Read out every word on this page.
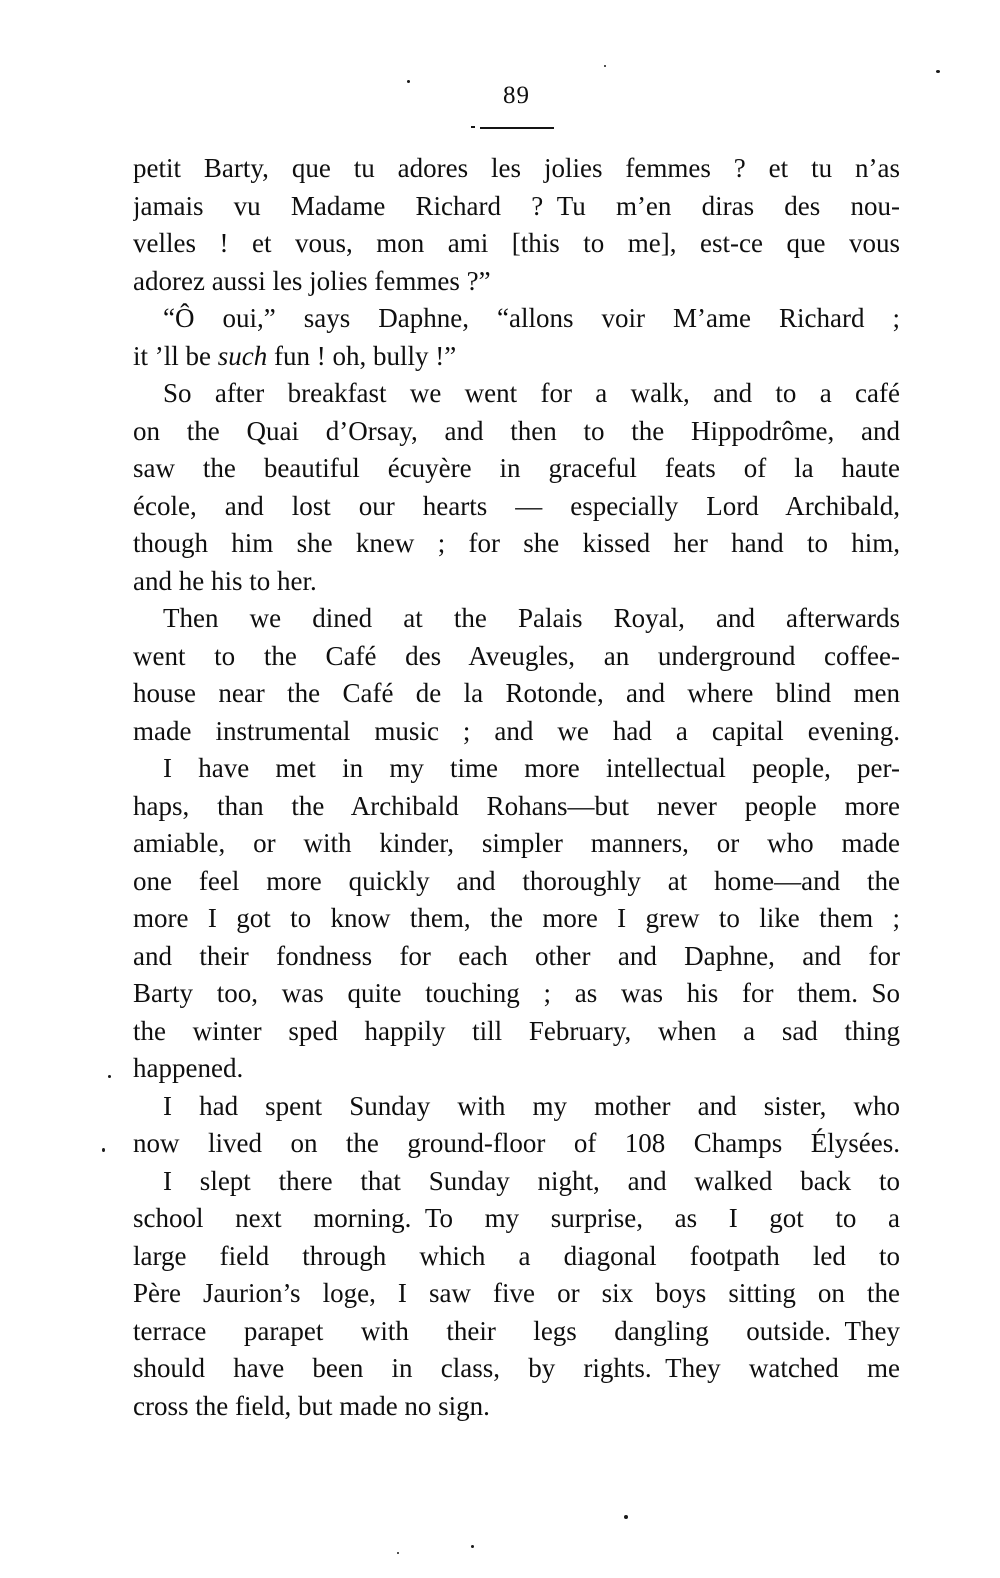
89
petit Barty, que tu adores les jolies femmes ? et tu n’as
jamais vu Madame Richard ? Tu m’en diras des nou-
velles ! et vous, mon ami [this to me], est-ce que vous
adorez aussi les jolies femmes ?”
“Ô oui,” says Daphne, “allons voir M’ame Richard ;
it ’ll be such fun ! oh, bully !”
So after breakfast we went for a walk, and to a café
on the Quai d’Orsay, and then to the Hippodrôme, and
saw the beautiful écuyère in graceful feats of la haute
école, and lost our hearts — especially Lord Archibald,
though him she knew ; for she kissed her hand to him,
and he his to her.
Then we dined at the Palais Royal, and afterwards
went to the Café des Aveugles, an underground coffee-
house near the Café de la Rotonde, and where blind men
made instrumental music ; and we had a capital evening.
I have met in my time more intellectual people, per-
haps, than the Archibald Rohans—but never people more
amiable, or with kinder, simpler manners, or who made
one feel more quickly and thoroughly at home—and the
more I got to know them, the more I grew to like them ;
and their fondness for each other and Daphne, and for
Barty too, was quite touching ; as was his for them. So
the winter sped happily till February, when a sad thing
happened.
I had spent Sunday with my mother and sister, who
now lived on the ground-floor of 108 Champs Élysées.
I slept there that Sunday night, and walked back to
school next morning. To my surprise, as I got to a
large field through which a diagonal footpath led to
Père Jaurion’s loge, I saw five or six boys sitting on the
terrace parapet with their legs dangling outside. They
should have been in class, by rights. They watched me
cross the field, but made no sign.
